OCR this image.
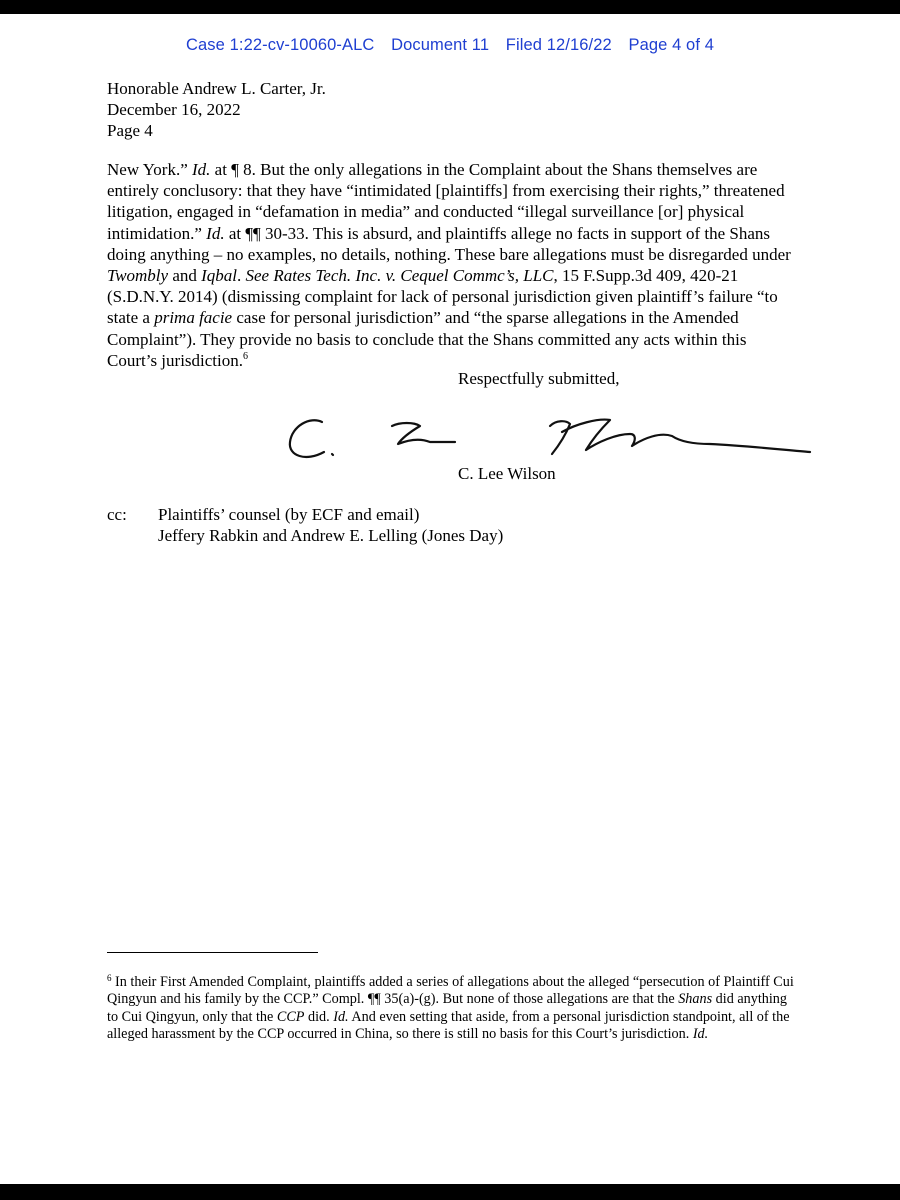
Case 1:22-cv-10060-ALC Document 11 Filed 12/16/22 Page 4 of 4
Honorable Andrew L. Carter, Jr.
December 16, 2022
Page 4
New York.” Id. at ¶ 8. But the only allegations in the Complaint about the Shans themselves are entirely conclusory: that they have “intimidated [plaintiffs] from exercising their rights,” threatened litigation, engaged in “defamation in media” and conducted “illegal surveillance [or] physical intimidation.” Id. at ¶¶ 30-33. This is absurd, and plaintiffs allege no facts in support of the Shans doing anything – no examples, no details, nothing. These bare allegations must be disregarded under Twombly and Iqbal. See Rates Tech. Inc. v. Cequel Commc’s, LLC, 15 F.Supp.3d 409, 420-21 (S.D.N.Y. 2014) (dismissing complaint for lack of personal jurisdiction given plaintiff’s failure “to state a prima facie case for personal jurisdiction” and “the sparse allegations in the Amended Complaint”). They provide no basis to conclude that the Shans committed any acts within this Court’s jurisdiction.$^6$
Respectfully submitted,
C. Lee Wilson
cc: Plaintiffs’ counsel (by ECF and email)
Jeffery Rabkin and Andrew E. Lelling (Jones Day)
$^6$ In their First Amended Complaint, plaintiffs added a series of allegations about the alleged “persecution of Plaintiff Cui Qingyun and his family by the CCP.” Compl. ¶¶ 35(a)-(g). But none of those allegations are that the Shans did anything to Cui Qingyun, only that the CCP did. Id. And even setting that aside, from a personal jurisdiction standpoint, all of the alleged harassment by the CCP occurred in China, so there is still no basis for this Court’s jurisdiction. Id.
